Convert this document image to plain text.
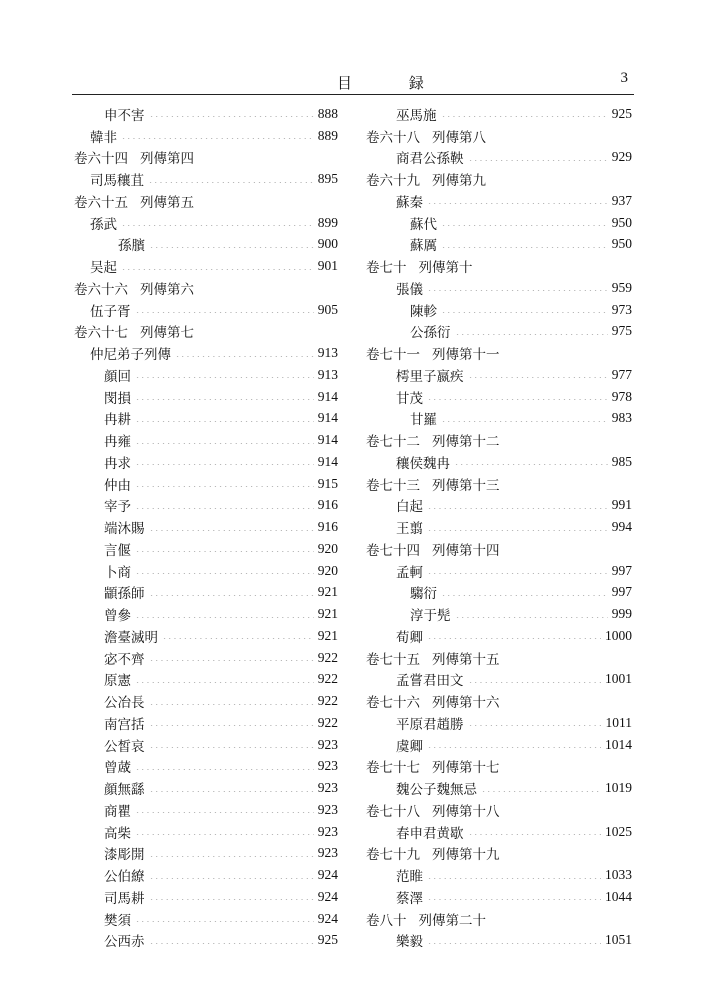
目 録	3
申不害	888
韓非	889
卷六十四 列傳第四
司馬穰苴	895
卷六十五 列傳第五
孫武	899
孫臏	900
吴起	901
卷六十六 列傳第六
伍子胥	905
卷六十七 列傳第七
仲尼弟子列傳	913
顔回	913
閔損	914
冉耕	914
冉雍	914
冉求	914
仲由	915
宰予	916
端沐賜	916
言偃	920
卜商	920
顓孫師	921
曾參	921
澹臺滅明	921
宓不齊	922
原憲	922
公冶長	922
南宫括	922
公皙哀	923
曾蒧	923
顔無繇	923
商瞿	923
高柴	923
漆彫開	923
公伯繚	924
司馬耕	924
樊須	924
公西赤	925
巫馬施	925
卷六十八 列傳第八
商君公孫鞅	929
卷六十九 列傳第九
蘇秦	937
蘇代	950
蘇厲	950
卷七十 列傳第十
張儀	959
陳軫	973
公孫衍	975
卷七十一 列傳第十一
樗里子嬴疾	977
甘茂	978
甘羅	983
卷七十二 列傳第十二
穰侯魏冉	985
卷七十三 列傳第十三
白起	991
王翦	994
卷七十四 列傳第十四
孟軻	997
騶衍	997
淳于髡	999
荀卿	1000
卷七十五 列傳第十五
孟嘗君田文	1001
卷七十六 列傳第十六
平原君趙勝	1011
虞卿	1014
卷七十七 列傳第十七
魏公子魏無忌	1019
卷七十八 列傳第十八
春申君黄歇	1025
卷七十九 列傳第十九
范睢	1033
蔡澤	1044
卷八十 列傳第二十
樂毅	1051
